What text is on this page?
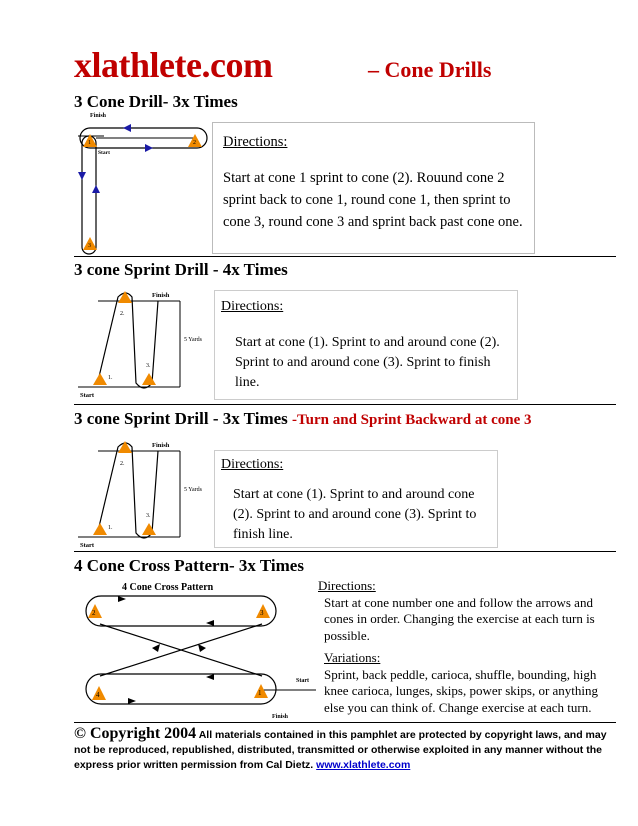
xlathlete.com	– Cone Drills
3 Cone Drill- 3x Times
Finish
Start
1	2
3
Directions:
Start at cone 1 sprint to cone (2). Rouund cone 2 sprint back to cone 1, round cone 1, then sprint to cone 3, round cone 3 and sprint back past cone one.
3 cone Sprint Drill - 4x Times
Finish
Start
5 Yards
2.
1.
3.
Directions:
Start at cone (1). Sprint to and around cone (2). Sprint to and around cone (3). Sprint to finish line.
3 cone Sprint Drill - 3x Times -Turn and Sprint Backward at cone 3
Finish
Start
5 Yards
2.
1.
3.
Directions:
Start at cone (1). Sprint to and around cone (2). Sprint to and around cone (3). Sprint to finish line.
4 Cone Cross Pattern- 3x Times
4 Cone Cross Pattern
Start
Finish
2	3
4	1
Directions:
Start at cone number one and follow the arrows and cones in order. Changing the exercise at each turn is possible.
Variations:
Sprint, back peddle, carioca, shuffle, bounding, high knee carioca, lunges, skips, power skips, or anything else you can think of. Change exercise at each turn.
© Copyright 2004 All materials contained in this pamphlet are protected by copyright laws, and may not be reproduced, republished, distributed, transmitted or otherwise exploited in any manner without the express prior written permission from Cal Dietz. www.xlathlete.com
